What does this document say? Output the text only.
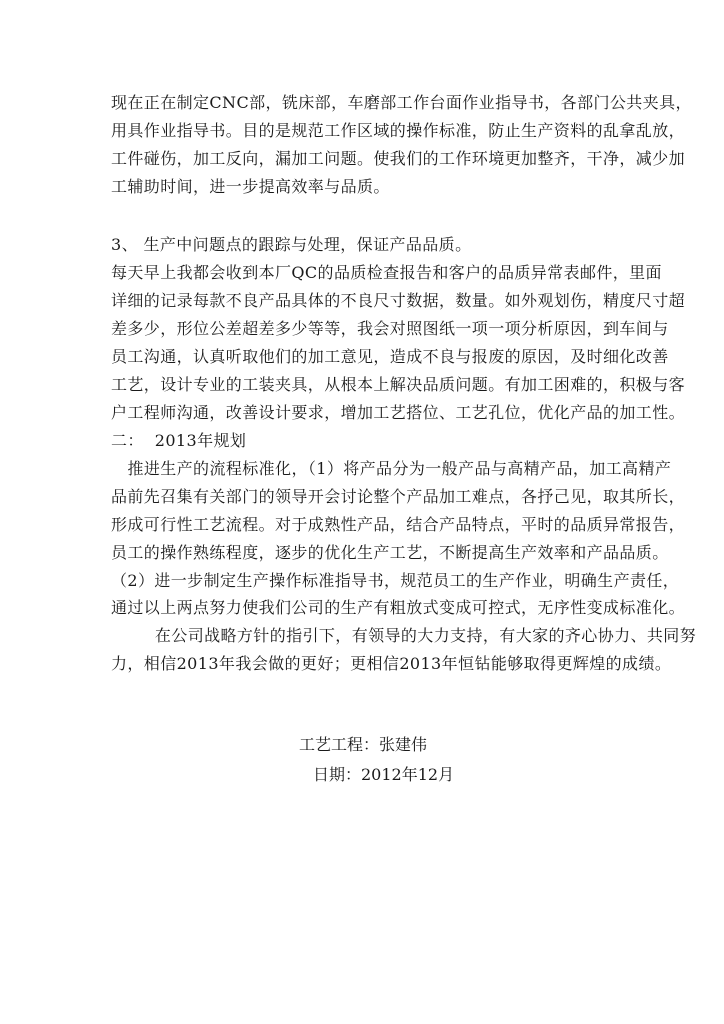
现在正在制定CNC部，铣床部，车磨部工作台面作业指导书，各部门公共夹具，
用具作业指导书。目的是规范工作区域的操作标准，防止生产资料的乱拿乱放，
工件碰伤，加工反向，漏加工问题。使我们的工作环境更加整齐，干净，减少加
工辅助时间，进一步提高效率与品质。
3、 生产中问题点的跟踪与处理，保证产品品质。
每天早上我都会收到本厂QC的品质检查报告和客户的品质异常表邮件，里面
详细的记录每款不良产品具体的不良尺寸数据，数量。如外观划伤，精度尺寸超
差多少，形位公差超差多少等等，我会对照图纸一项一项分析原因，到车间与
员工沟通，认真听取他们的加工意见，造成不良与报废的原因，及时细化改善
工艺，设计专业的工装夹具，从根本上解决品质问题。有加工困难的，积极与客
户工程师沟通，改善设计要求，增加工艺搭位、工艺孔位，优化产品的加工性。
二：  2013年规划
推进生产的流程标准化，（1）将产品分为一般产品与高精产品，加工高精产
品前先召集有关部门的领导开会讨论整个产品加工难点，各抒己见，取其所长，
形成可行性工艺流程。对于成熟性产品，结合产品特点，平时的品质异常报告，
员工的操作熟练程度，逐步的优化生产工艺，不断提高生产效率和产品品质。
（2）进一步制定生产操作标准指导书，规范员工的生产作业，明确生产责任，
通过以上两点努力使我们公司的生产有粗放式变成可控式，无序性变成标准化。
在公司战略方针的指引下，有领导的大力支持，有大家的齐心协力、共同努
力，相信2013年我会做的更好；更相信2013年恒钻能够取得更辉煌的成绩。
工艺工程：张建伟
日期：2012年12月
